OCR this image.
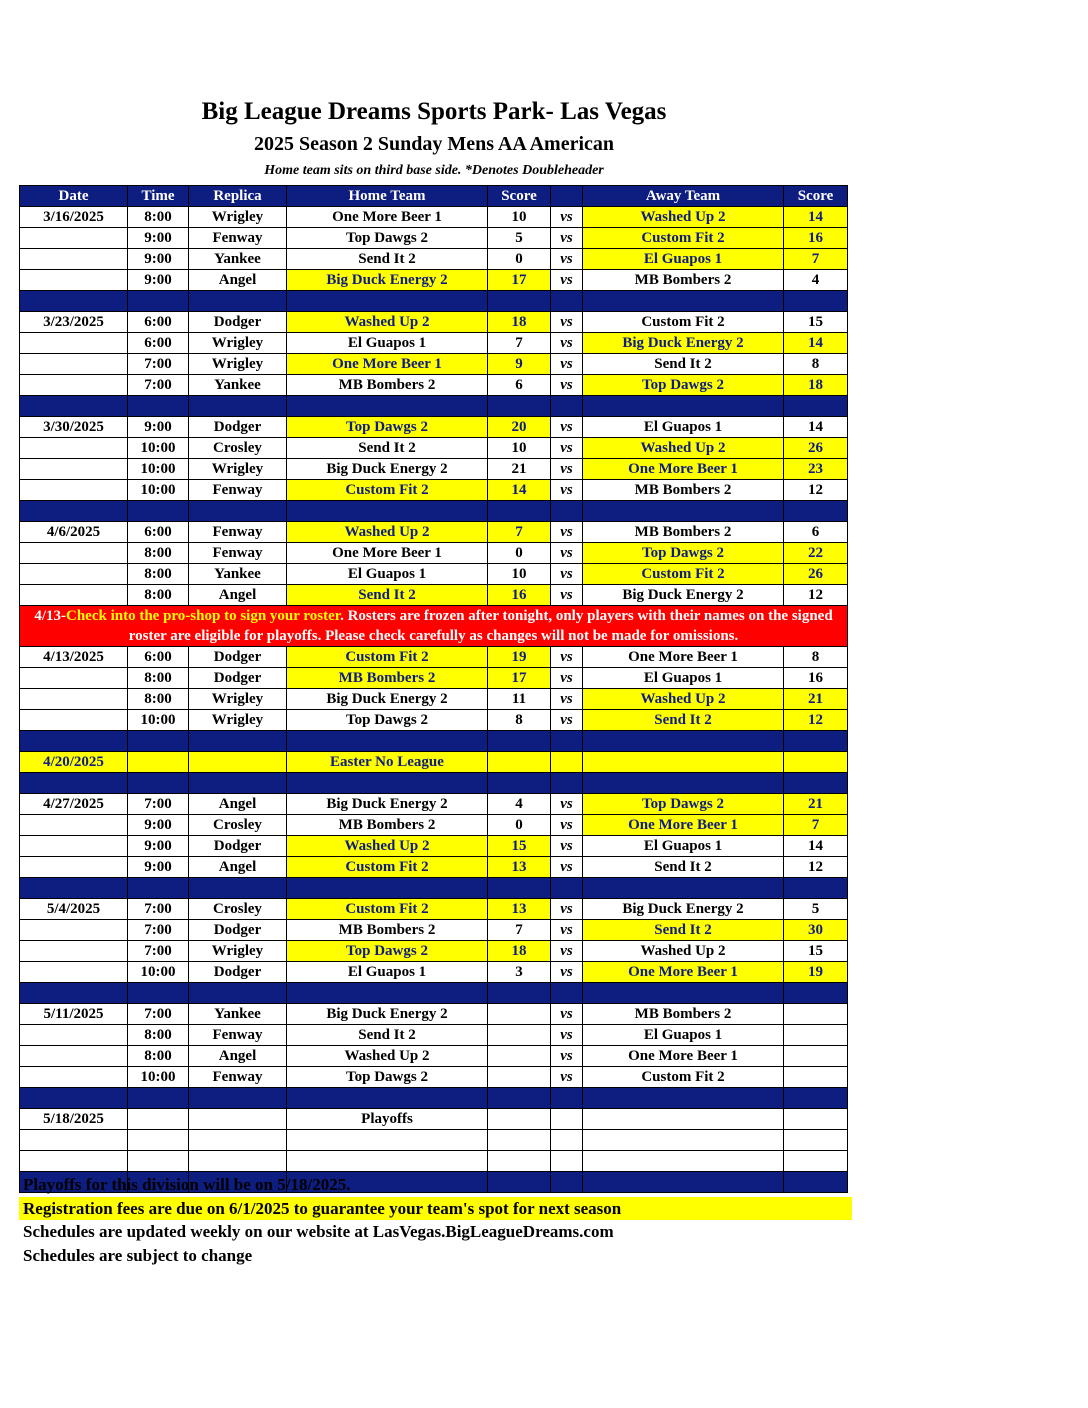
Big League Dreams Sports Park- Las Vegas
2025 Season 2 Sunday Mens AA American
Home team sits on third base side. *Denotes Doubleheader
Date	Time	Replica	Home Team	Score		Away Team	Score
3/16/2025	8:00	Wrigley	One More Beer 1	10	vs	Washed Up 2	14
	9:00	Fenway	Top Dawgs 2	5	vs	Custom Fit 2	16
	9:00	Yankee	Send It 2	0	vs	El Guapos 1	7
	9:00	Angel	Big Duck Energy 2	17	vs	MB Bombers 2	4

3/23/2025	6:00	Dodger	Washed Up 2	18	vs	Custom Fit 2	15
	6:00	Wrigley	El Guapos 1	7	vs	Big Duck Energy 2	14
	7:00	Wrigley	One More Beer 1	9	vs	Send It 2	8
	7:00	Yankee	MB Bombers 2	6	vs	Top Dawgs 2	18

3/30/2025	9:00	Dodger	Top Dawgs 2	20	vs	El Guapos 1	14
	10:00	Crosley	Send It 2	10	vs	Washed Up 2	26
	10:00	Wrigley	Big Duck Energy 2	21	vs	One More Beer 1	23
	10:00	Fenway	Custom Fit 2	14	vs	MB Bombers 2	12

4/6/2025	6:00	Fenway	Washed Up 2	7	vs	MB Bombers 2	6
	8:00	Fenway	One More Beer 1	0	vs	Top Dawgs 2	22
	8:00	Yankee	El Guapos 1	10	vs	Custom Fit 2	26
	8:00	Angel	Send It 2	16	vs	Big Duck Energy 2	12
4/13-Check into the pro-shop to sign your roster. Rosters are frozen after tonight, only players with their names on the signed roster are eligible for playoffs. Please check carefully as changes will not be made for omissions.							
4/13/2025	6:00	Dodger	Custom Fit 2	19	vs	One More Beer 1	8
	8:00	Dodger	MB Bombers 2	17	vs	El Guapos 1	16
	8:00	Wrigley	Big Duck Energy 2	11	vs	Washed Up 2	21
	10:00	Wrigley	Top Dawgs 2	8	vs	Send It 2	12

4/20/2025			Easter No League				

4/27/2025	7:00	Angel	Big Duck Energy 2	4	vs	Top Dawgs 2	21
	9:00	Crosley	MB Bombers 2	0	vs	One More Beer 1	7
	9:00	Dodger	Washed Up 2	15	vs	El Guapos 1	14
	9:00	Angel	Custom Fit 2	13	vs	Send It 2	12

5/4/2025	7:00	Crosley	Custom Fit 2	13	vs	Big Duck Energy 2	5
	7:00	Dodger	MB Bombers 2	7	vs	Send It 2	30
	7:00	Wrigley	Top Dawgs 2	18	vs	Washed Up 2	15
	10:00	Dodger	El Guapos 1	3	vs	One More Beer 1	19

5/11/2025	7:00	Yankee	Big Duck Energy 2		vs	MB Bombers 2	
	8:00	Fenway	Send It 2		vs	El Guapos 1	
	8:00	Angel	Washed Up 2		vs	One More Beer 1	
	10:00	Fenway	Top Dawgs 2		vs	Custom Fit 2	

5/18/2025			Playoffs				

Playoffs for this division will be on 5/18/2025.
Registration fees are due on 6/1/2025 to guarantee your team's spot for next season
Schedules are updated weekly on our website at LasVegas.BigLeagueDreams.com
Schedules are subject to change
